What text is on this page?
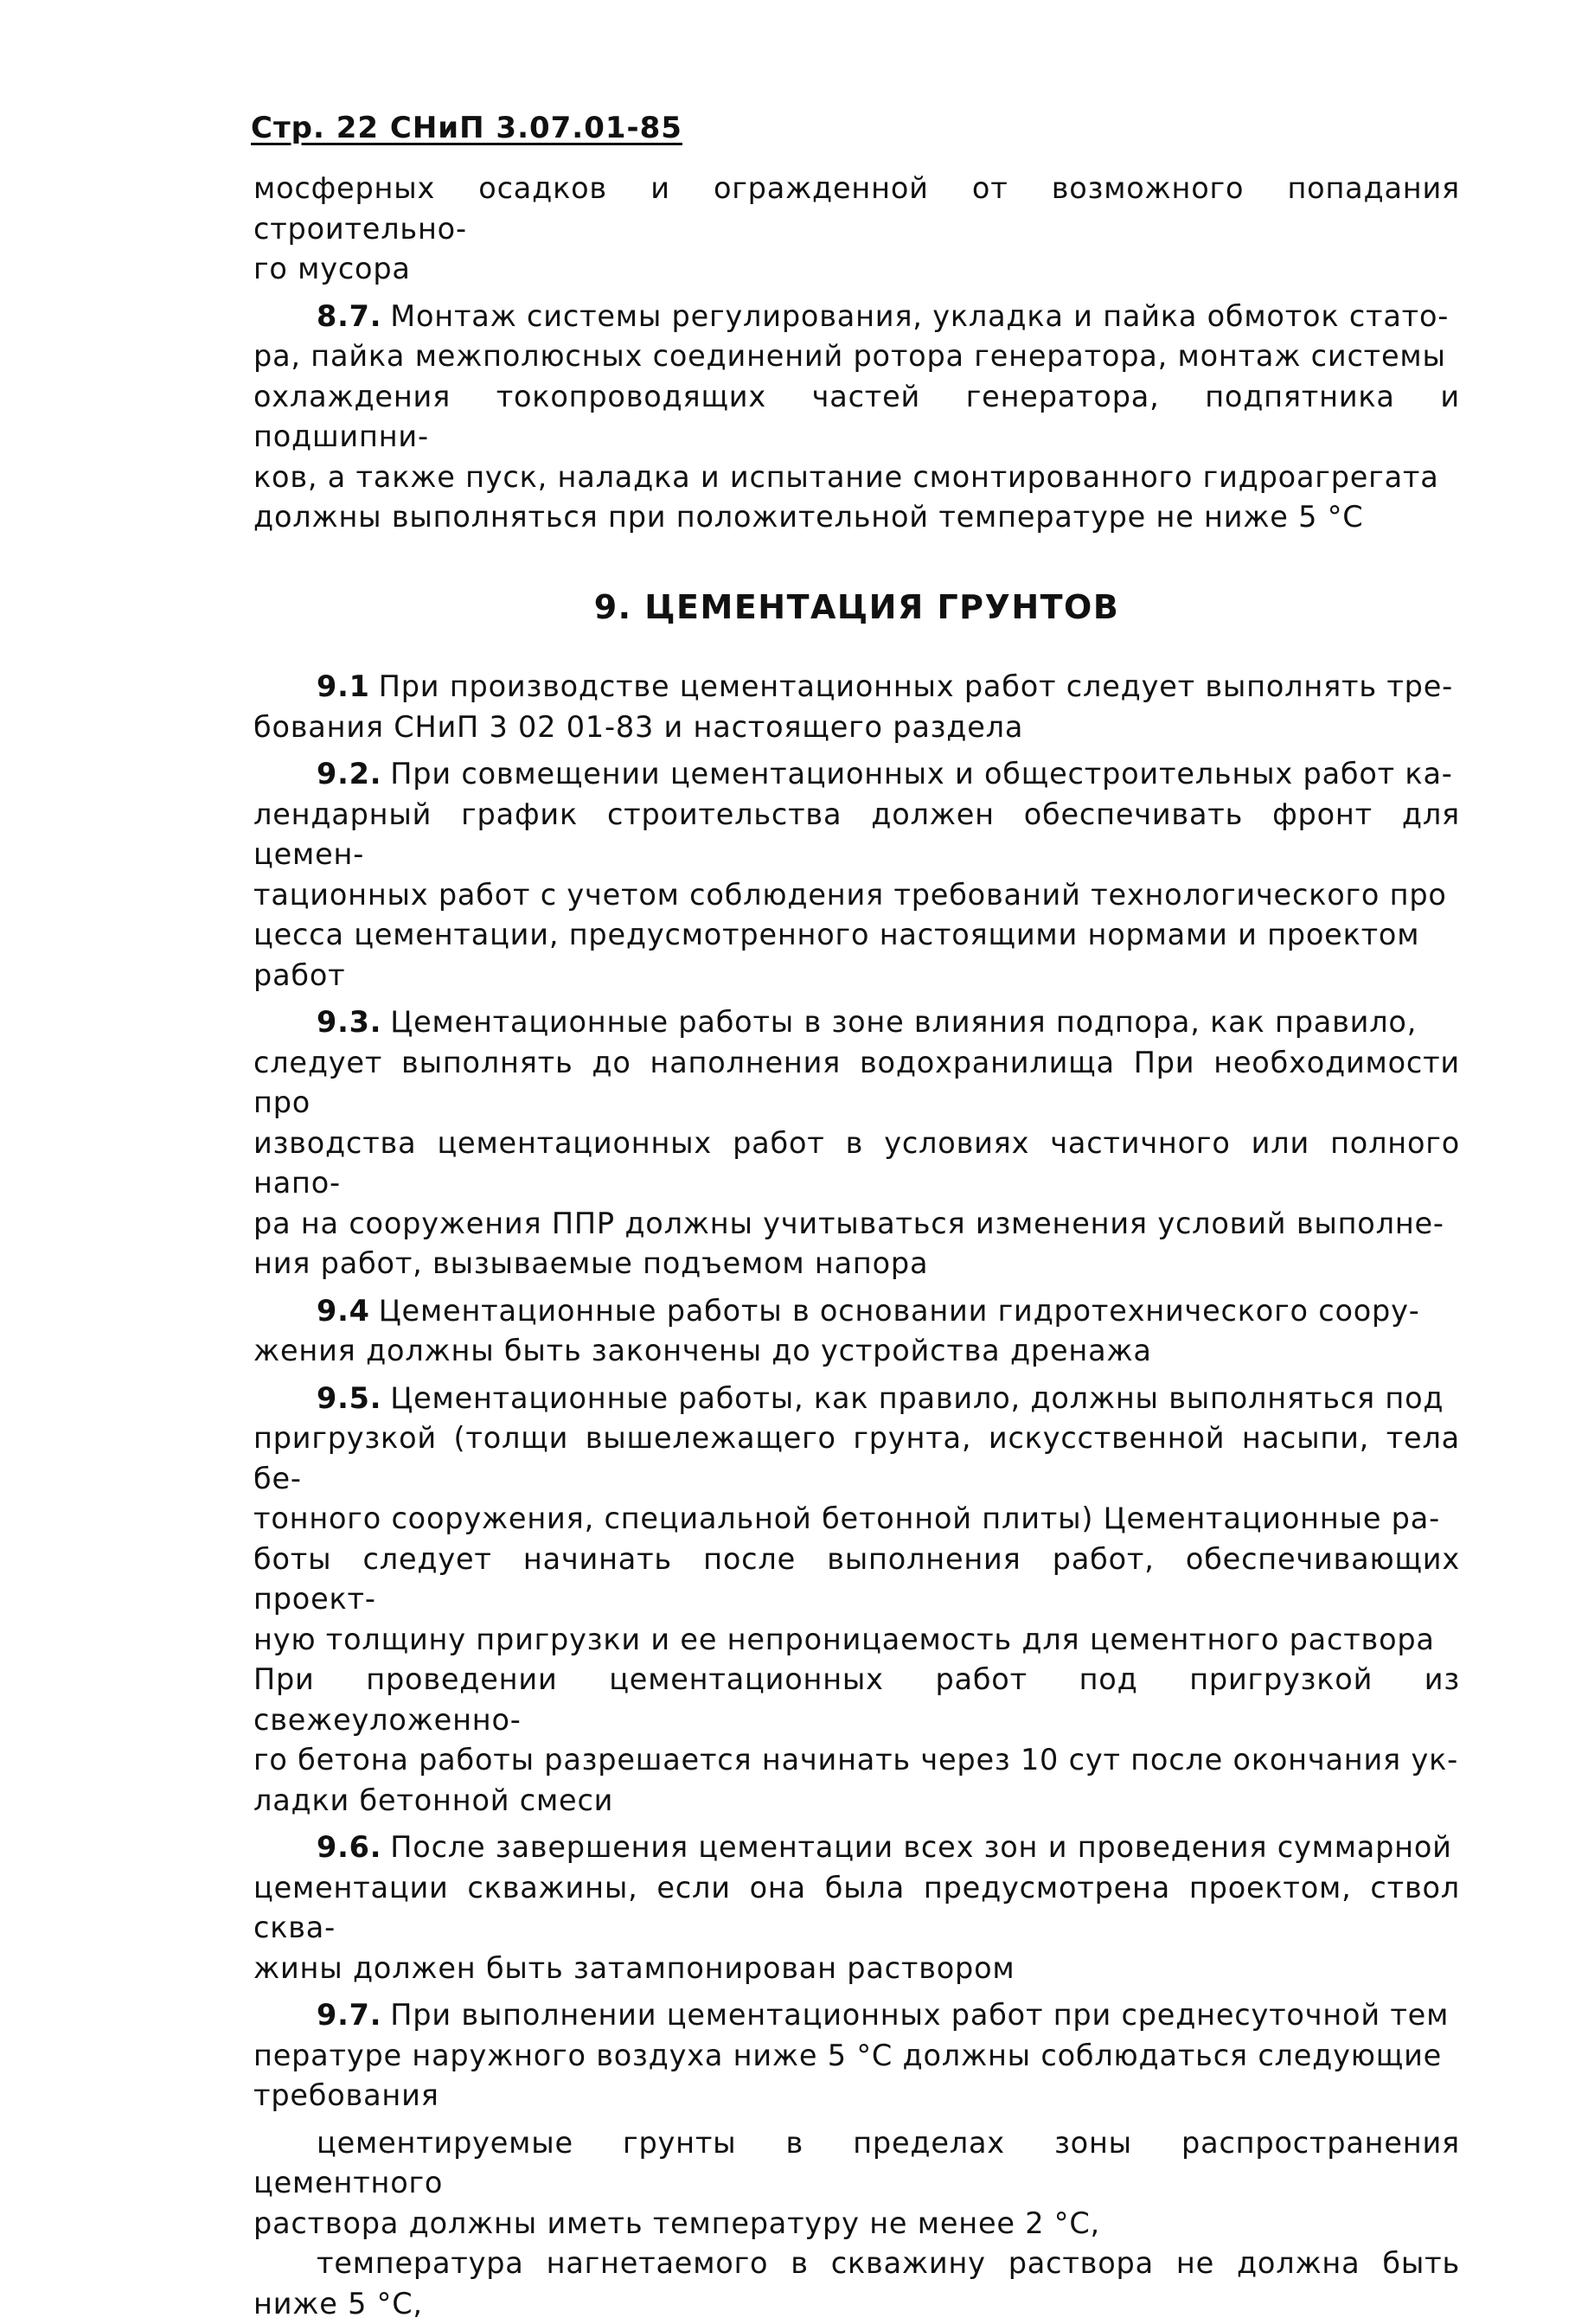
Стр. 22 СНиП 3.07.01-85

мосферных осадков и огражденной от возможного попадания строительно-
го мусора

8.7. Монтаж системы регулирования, укладка и пайка обмоток стато-
ра, пайка межполюсных соединений ротора генератора, монтаж системы
охлаждения токопроводящих частей генератора, подпятника и подшипни-
ков, а также пуск, наладка и испытание смонтированного гидроагрегата
должны выполняться при положительной температуре не ниже 5 °С

9. ЦЕМЕНТАЦИЯ ГРУНТОВ

9.1 При производстве цементационных работ следует выполнять тре-
бования СНиП 3 02 01-83 и настоящего раздела

9.2. При совмещении цементационных и общестроительных работ ка-
лендарный график строительства должен обеспечивать фронт для цемен-
тационных работ с учетом соблюдения требований технологического про
цесса цементации, предусмотренного настоящими нормами и проектом
работ

9.3. Цементационные работы в зоне влияния подпора, как правило,
следует выполнять до наполнения водохранилища При необходимости про
изводства цементационных работ в условиях частичного или полного напо-
ра на сооружения ППР должны учитываться изменения условий выполне-
ния работ, вызываемые подъемом напора

9.4 Цементационные работы в основании гидротехнического соору-
жения должны быть закончены до устройства дренажа

9.5. Цементационные работы, как правило, должны выполняться под
пригрузкой (толщи вышележащего грунта, искусственной насыпи, тела бе-
тонного сооружения, специальной бетонной плиты) Цементационные ра-
боты следует начинать после выполнения работ, обеспечивающих проект-
ную толщину пригрузки и ее непроницаемость для цементного раствора
При проведении цементационных работ под пригрузкой из свежеуложенно-
го бетона работы разрешается начинать через 10 сут после окончания ук-
ладки бетонной смеси

9.6. После завершения цементации всех зон и проведения суммарной
цементации скважины, если она была предусмотрена проектом, ствол сква-
жины должен быть затампонирован раствором

9.7. При выполнении цементационных работ при среднесуточной тем
пературе наружного воздуха ниже 5 °С должны соблюдаться следующие
требования

цементируемые грунты в пределах зоны распространения цементного
раствора должны иметь температуру не менее 2 °С,

температура нагнетаемого в скважину раствора не должна быть ниже 5 °С,
